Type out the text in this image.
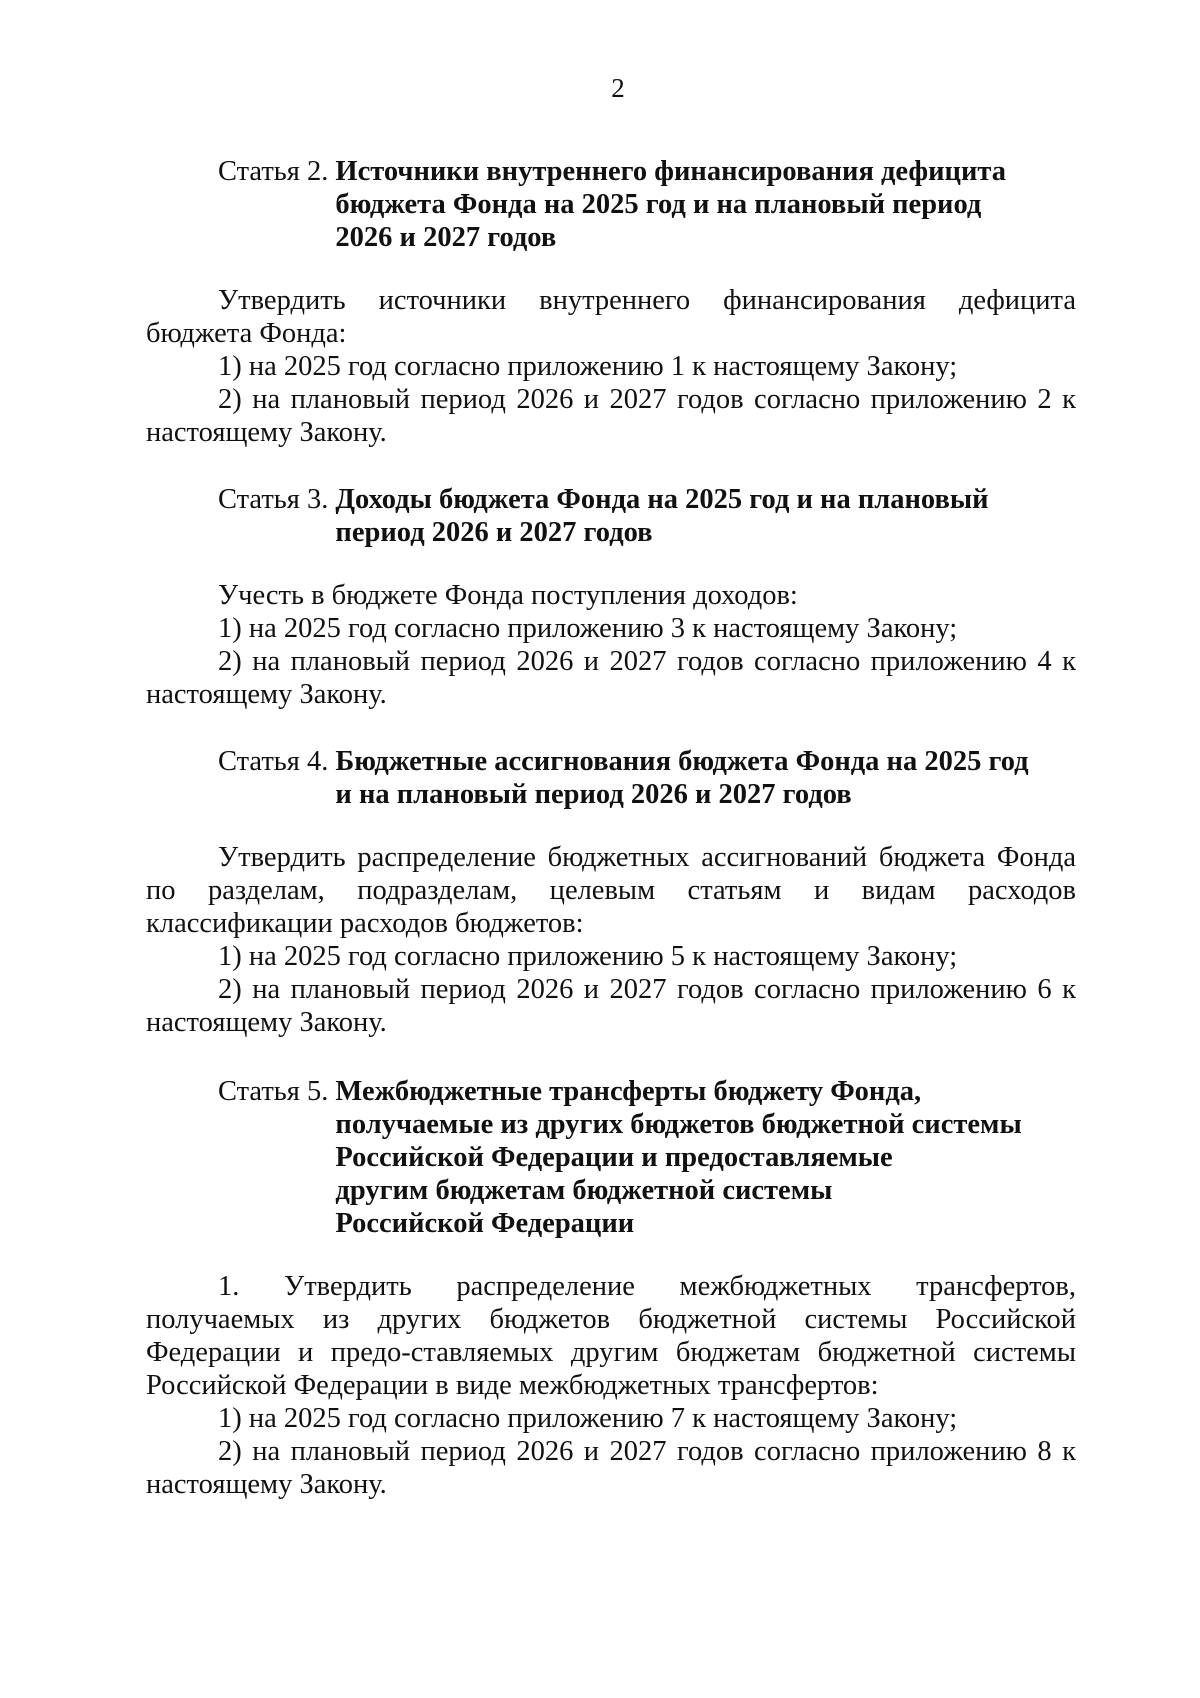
2
Статья 2. Источники внутреннего финансирования дефицита
бюджета Фонда на 2025 год и на плановый период
2026 и 2027 годов

Утвердить источники внутреннего финансирования дефицита бюджета Фонда:

1) на 2025 год согласно приложению 1 к настоящему Закону;

2) на плановый период 2026 и 2027 годов согласно приложению 2 к настоящему Закону.

Статья 3. Доходы бюджета Фонда на 2025 год и на плановый
период 2026 и 2027 годов

Учесть в бюджете Фонда поступления доходов:

1) на 2025 год согласно приложению 3 к настоящему Закону;

2) на плановый период 2026 и 2027 годов согласно приложению 4 к настоящему Закону.

Статья 4. Бюджетные ассигнования бюджета Фонда на 2025 год
и на плановый период 2026 и 2027 годов

Утвердить распределение бюджетных ассигнований бюджета Фонда по разделам, подразделам, целевым статьям и видам расходов классификации расходов бюджетов:

1) на 2025 год согласно приложению 5 к настоящему Закону;

2) на плановый период 2026 и 2027 годов согласно приложению 6 к настоящему Закону.

Статья 5. Межбюджетные трансферты бюджету Фонда,
получаемые из других бюджетов бюджетной системы
Российской Федерации и предоставляемые
другим бюджетам бюджетной системы
Российской Федерации

1. Утвердить распределение межбюджетных трансфертов, получаемых из других бюджетов бюджетной системы Российской Федерации и предо-ставляемых другим бюджетам бюджетной системы Российской Федерации в виде межбюджетных трансфертов:

1) на 2025 год согласно приложению 7 к настоящему Закону;

2) на плановый период 2026 и 2027 годов согласно приложению 8 к настоящему Закону.
